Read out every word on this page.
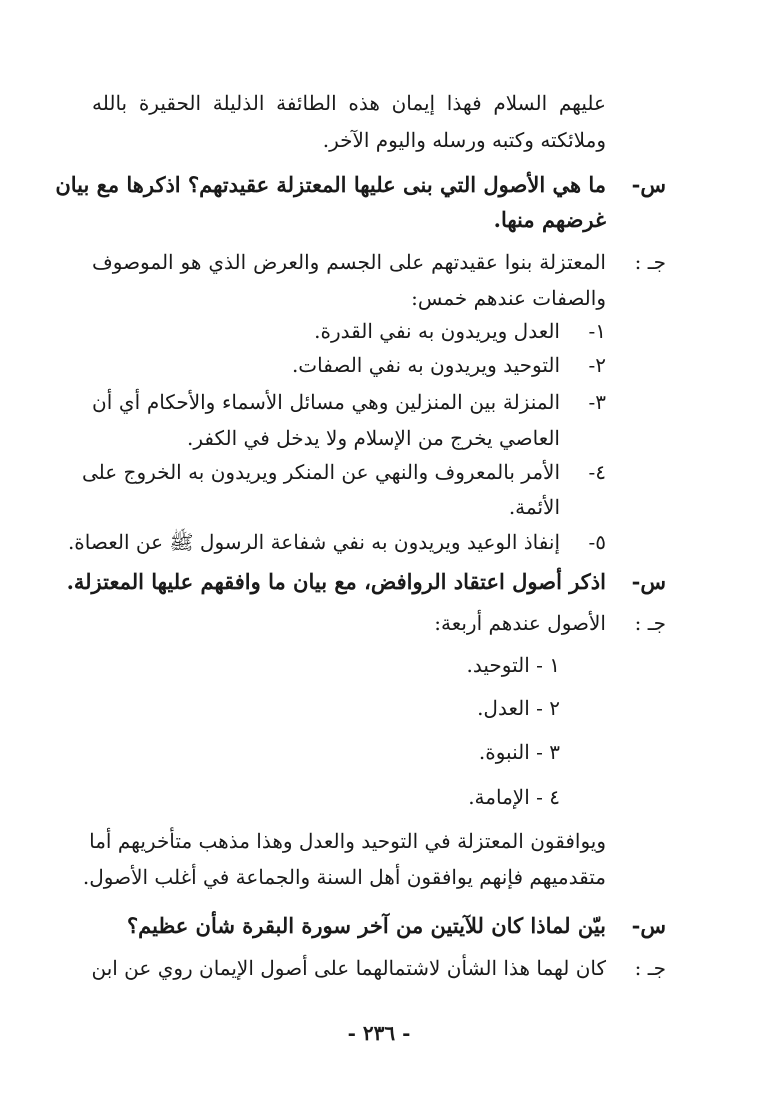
عليهم السلام فهذا إيمان هذه الطائفة الذليلة الحقيرة بالله
وملائكته وكتبه ورسله واليوم الآخر.
س-
ما هي الأصول التي بنى عليها المعتزلة عقيدتهم؟ اذكرها مع بيان
غرضهم منها.
جـ :
المعتزلة بنوا عقيدتهم على الجسم والعرض الذي هو الموصوف
والصفات عندهم خمس:
١-
العدل ويريدون به نفي القدرة.
٢-
التوحيد ويريدون به نفي الصفات.
٣-
المنزلة بين المنزلين وهي مسائل الأسماء والأحكام أي أن
العاصي يخرج من الإسلام ولا يدخل في الكفر.
٤-
الأمر بالمعروف والنهي عن المنكر ويريدون به الخروج على
الأئمة.
٥-
إنفاذ الوعيد ويريدون به نفي شفاعة الرسول ﷺ عن العصاة.
س-
اذكر أصول اعتقاد الروافض، مع بيان ما وافقهم عليها المعتزلة.
جـ :
الأصول عندهم أربعة:
١ - التوحيد.
٢ - العدل.
٣ - النبوة.
٤ - الإمامة.
ويوافقون المعتزلة في التوحيد والعدل وهذا مذهب متأخريهم أما
متقدميهم فإنهم يوافقون أهل السنة والجماعة في أغلب الأصول.
س-
بيّن لماذا كان للآيتين من آخر سورة البقرة شأن عظيم؟
جـ :
كان لهما هذا الشأن لاشتمالهما على أصول الإيمان روي عن ابن
- ٢٣٦ -
